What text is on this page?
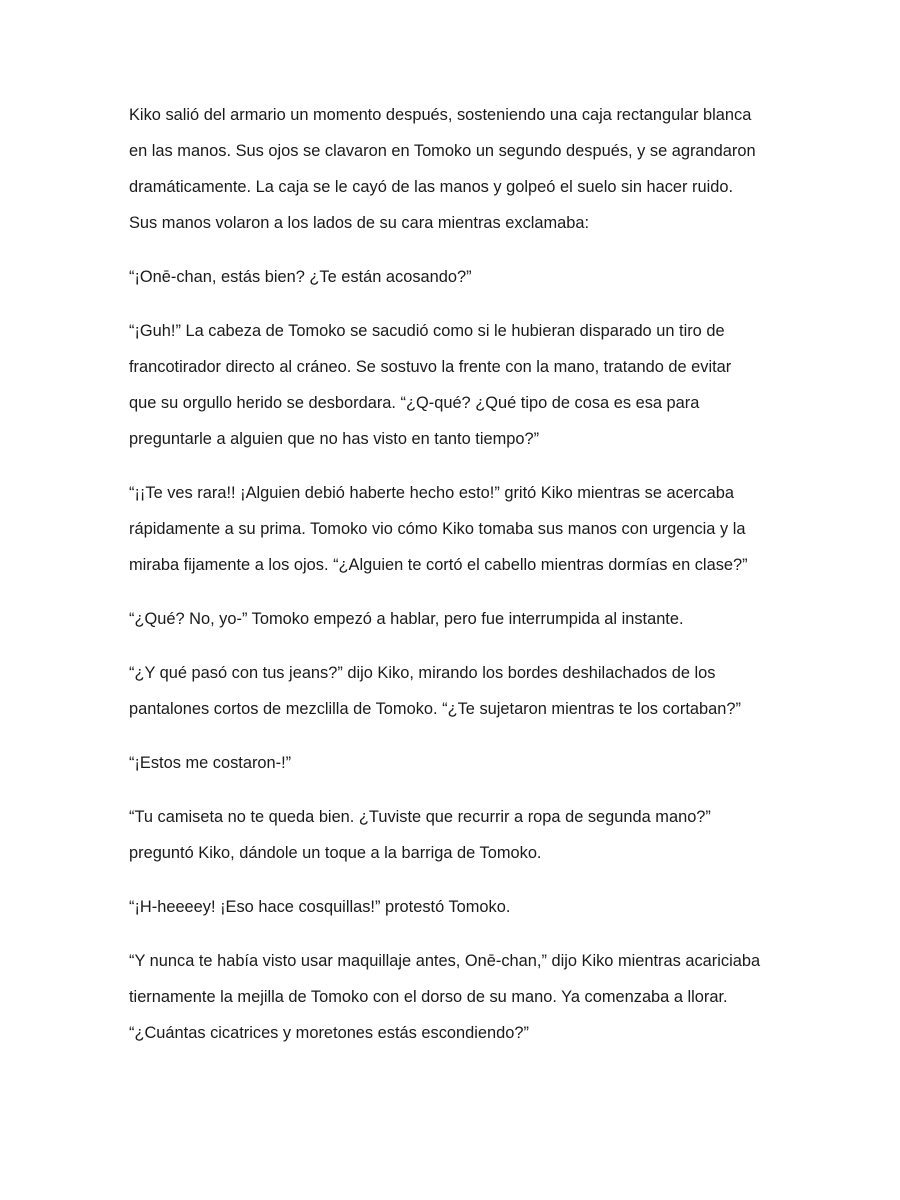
Kiko salió del armario un momento después, sosteniendo una caja rectangular blanca
en las manos. Sus ojos se clavaron en Tomoko un segundo después, y se agrandaron
dramáticamente. La caja se le cayó de las manos y golpeó el suelo sin hacer ruido.
Sus manos volaron a los lados de su cara mientras exclamaba:

“¡Onē-chan, estás bien? ¿Te están acosando?”

“¡Guh!” La cabeza de Tomoko se sacudió como si le hubieran disparado un tiro de
francotirador directo al cráneo. Se sostuvo la frente con la mano, tratando de evitar
que su orgullo herido se desbordara. “¿Q-qué? ¿Qué tipo de cosa es esa para
preguntarle a alguien que no has visto en tanto tiempo?”

“¡¡Te ves rara!! ¡Alguien debió haberte hecho esto!” gritó Kiko mientras se acercaba
rápidamente a su prima. Tomoko vio cómo Kiko tomaba sus manos con urgencia y la
miraba fijamente a los ojos. “¿Alguien te cortó el cabello mientras dormías en clase?”

“¿Qué? No, yo-” Tomoko empezó a hablar, pero fue interrumpida al instante.

“¿Y qué pasó con tus jeans?” dijo Kiko, mirando los bordes deshilachados de los
pantalones cortos de mezclilla de Tomoko. “¿Te sujetaron mientras te los cortaban?”

“¡Estos me costaron-!”

“Tu camiseta no te queda bien. ¿Tuviste que recurrir a ropa de segunda mano?”
preguntó Kiko, dándole un toque a la barriga de Tomoko.

“¡H-heeeey! ¡Eso hace cosquillas!” protestó Tomoko.

“Y nunca te había visto usar maquillaje antes, Onē-chan,” dijo Kiko mientras acariciaba
tiernamente la mejilla de Tomoko con el dorso de su mano. Ya comenzaba a llorar.
“¿Cuántas cicatrices y moretones estás escondiendo?”
